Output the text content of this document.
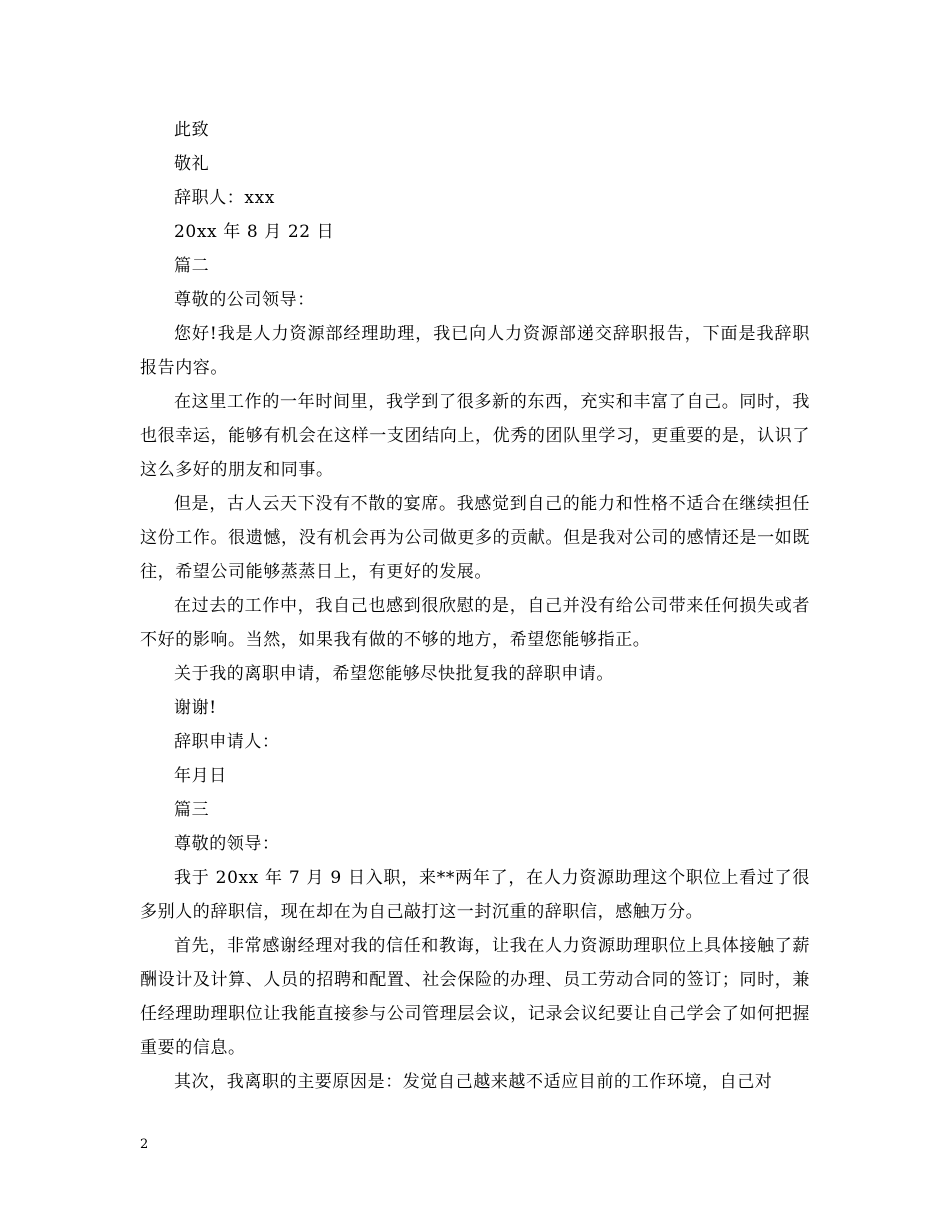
此致

敬礼

辞职人：xxx

20xx 年 8 月 22 日

篇二

尊敬的公司领导：

您好!我是人力资源部经理助理，我已向人力资源部递交辞职报告，下面是我辞职报告内容。

在这里工作的一年时间里，我学到了很多新的东西，充实和丰富了自己。同时，我也很幸运，能够有机会在这样一支团结向上，优秀的团队里学习，更重要的是，认识了这么多好的朋友和同事。

但是，古人云天下没有不散的宴席。我感觉到自己的能力和性格不适合在继续担任这份工作。很遗憾，没有机会再为公司做更多的贡献。但是我对公司的感情还是一如既往，希望公司能够蒸蒸日上，有更好的发展。

在过去的工作中，我自己也感到很欣慰的是，自己并没有给公司带来任何损失或者不好的影响。当然，如果我有做的不够的地方，希望您能够指正。

关于我的离职申请，希望您能够尽快批复我的辞职申请。

谢谢!

辞职申请人：

年月日

篇三

尊敬的领导：

我于 20xx 年 7 月 9 日入职，来**两年了，在人力资源助理这个职位上看过了很多别人的辞职信，现在却在为自己敲打这一封沉重的辞职信，感触万分。

首先，非常感谢经理对我的信任和教诲，让我在人力资源助理职位上具体接触了薪酬设计及计算、人员的招聘和配置、社会保险的办理、员工劳动合同的签订；同时，兼任经理助理职位让我能直接参与公司管理层会议，记录会议纪要让自己学会了如何把握重要的信息。

其次，我离职的主要原因是：发觉自己越来越不适应目前的工作环境，自己对

2
